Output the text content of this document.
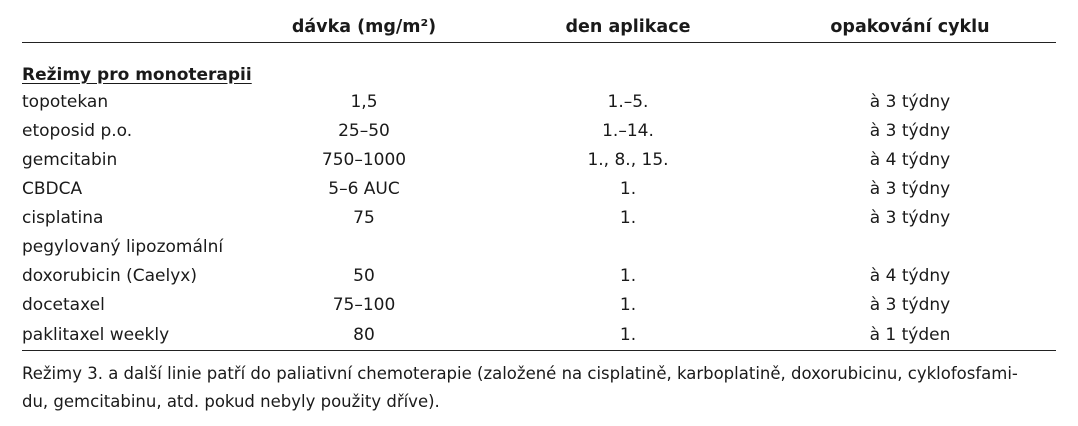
	dávka (mg/m²)	den aplikace	opakování cyklu
Režimy pro monoterapii			
topotekan	1,5	1.–5.	à 3 týdny
etoposid p.o.	25–50	1.–14.	à 3 týdny
gemcitabin	750–1000	1., 8., 15.	à 4 týdny
CBDCA	5–6 AUC	1.	à 3 týdny
cisplatina	75	1.	à 3 týdny
pegylovaný lipozomální			
doxorubicin (Caelyx)	50	1.	à 4 týdny
docetaxel	75–100	1.	à 3 týdny
paklitaxel weekly	80	1.	à 1 týden
Režimy 3. a další linie patří do paliativní chemoterapie (založené na cisplatině, karboplatině, doxorubicinu, cyklofosfami-
du, gemcitabinu, atd. pokud nebyly použity dříve).
